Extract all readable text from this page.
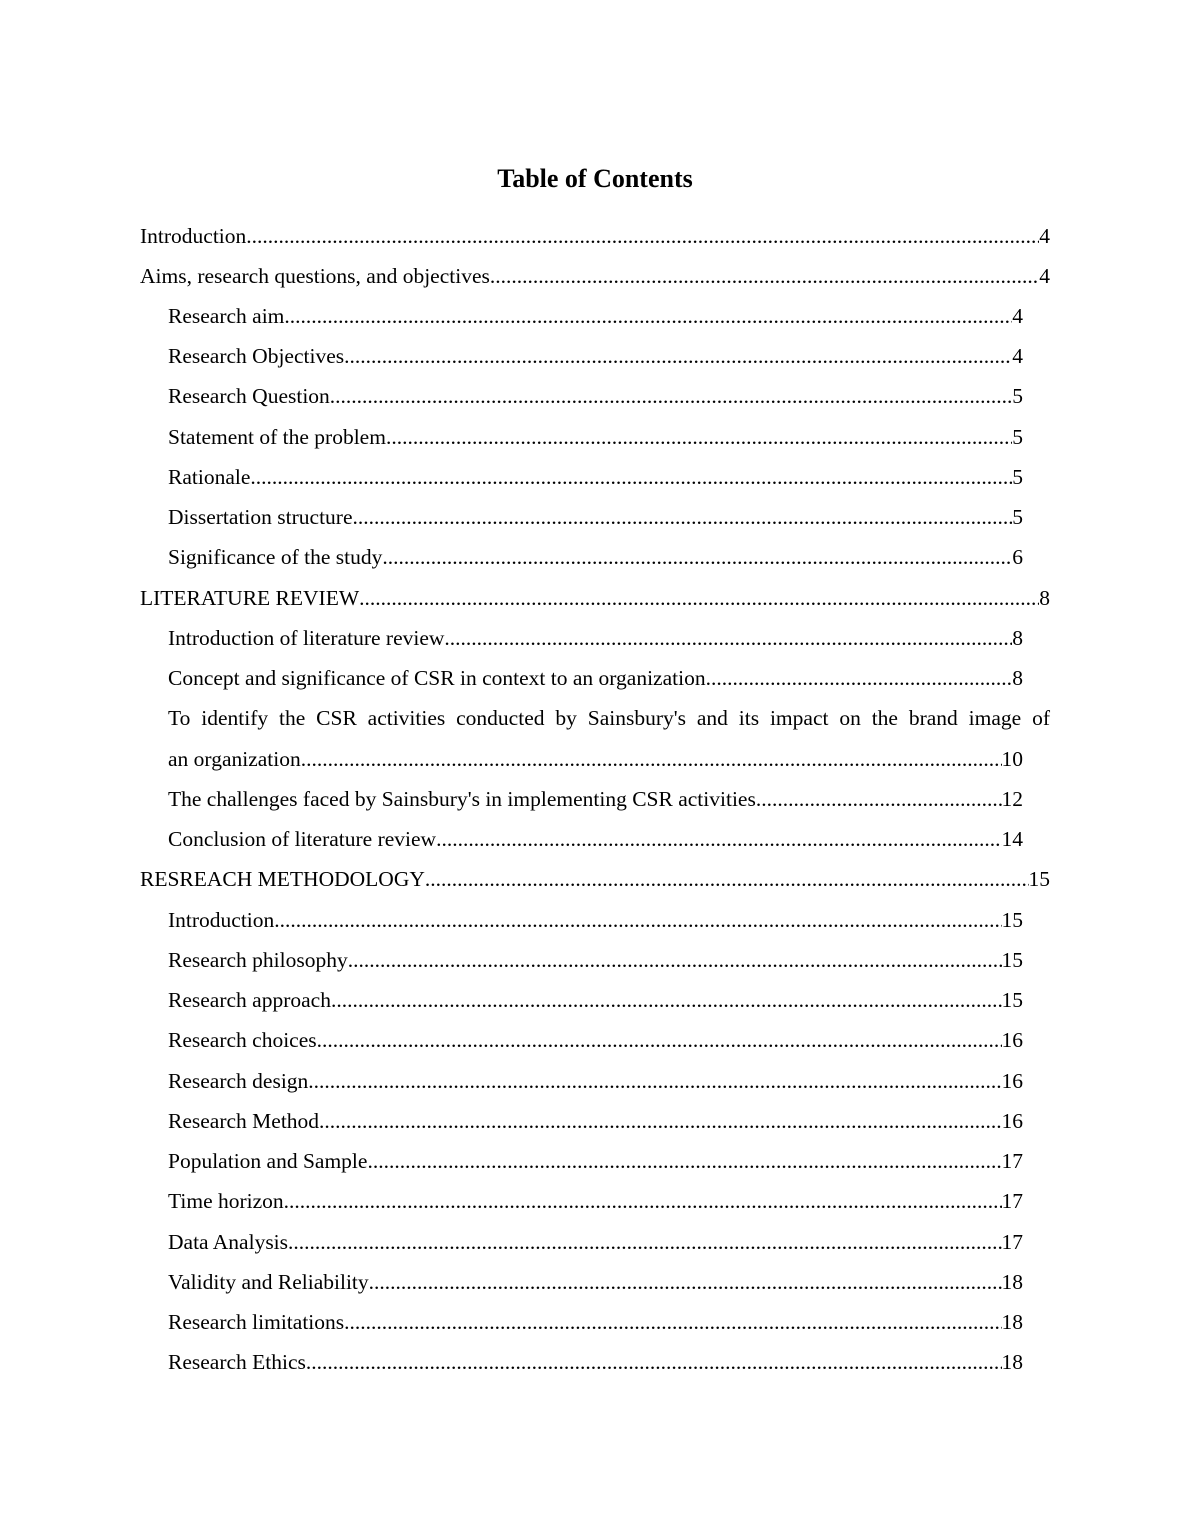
Table of Contents
Introduction .....	4
Aims, research questions, and objectives .....	4
Research aim .....	4
Research Objectives .....	4
Research Question .....	5
Statement of the problem .....	5
Rationale .....	5
Dissertation structure .....	5
Significance of the study .....	6
LITERATURE REVIEW .....	8
Introduction of literature review .....	8
Concept and significance of CSR in context to an organization .....	8
To identify the CSR activities conducted by Sainsbury's and its impact on the brand image of
an organization .....	10
The challenges faced by Sainsbury's in implementing CSR activities .....	12
Conclusion of literature review .....	14
RESREACH METHODOLOGY .....	15
Introduction .....	15
Research philosophy .....	15
Research approach .....	15
Research choices .....	16
Research design .....	16
Research Method .....	16
Population and Sample .....	17
Time horizon .....	17
Data Analysis .....	17
Validity and Reliability .....	18
Research limitations .....	18
Research Ethics .....	18
